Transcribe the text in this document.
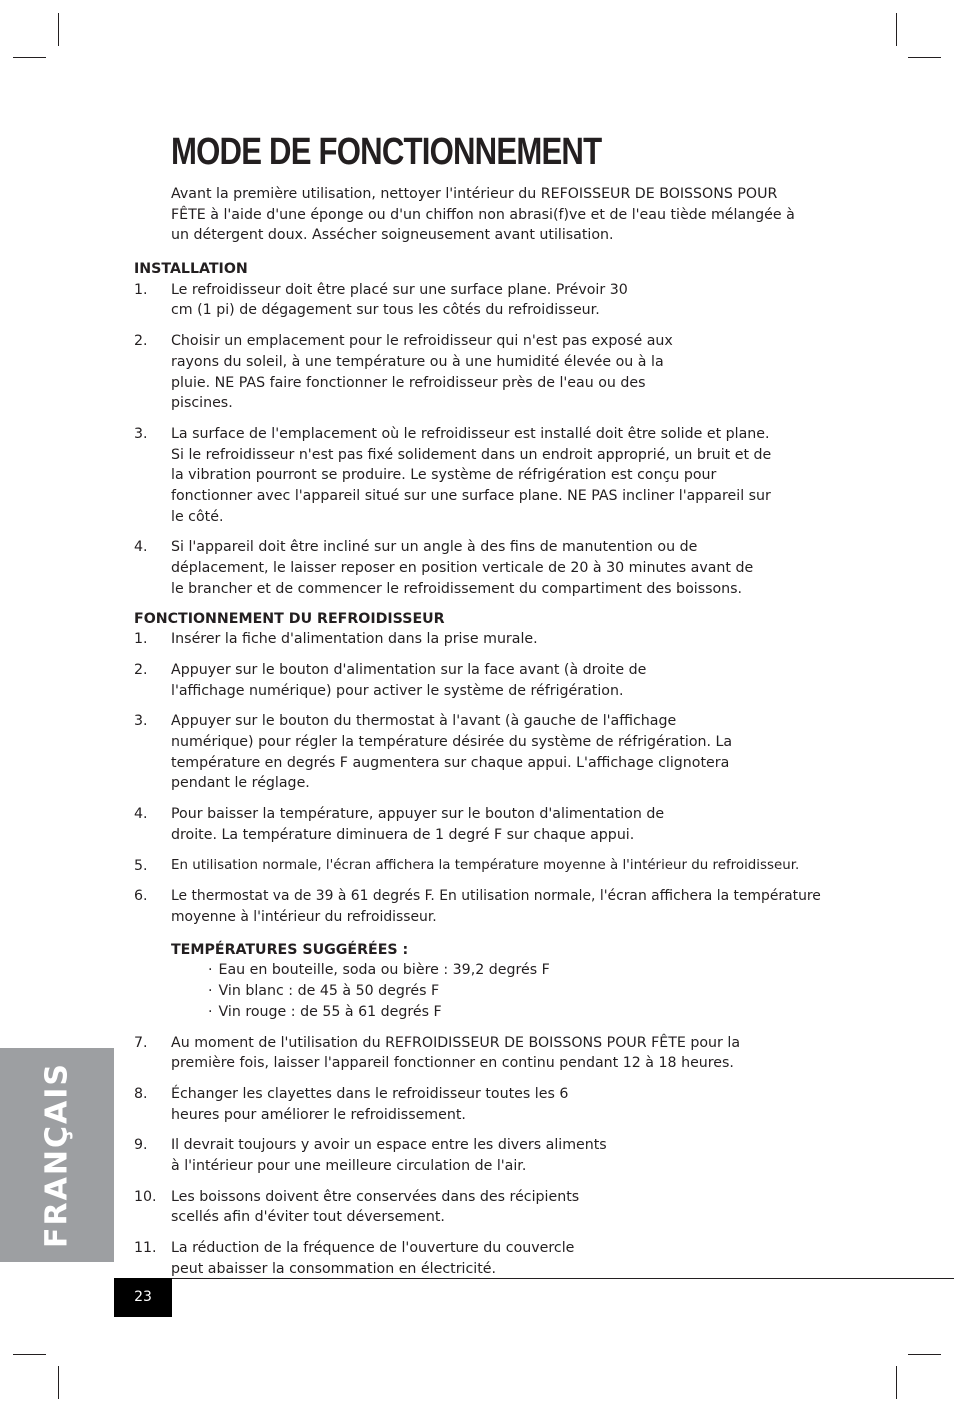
MODE DE FONCTIONNEMENT

Avant la première utilisation, nettoyer l'intérieur du REFOISSEUR DE BOISSONS POUR FÊTE à l'aide d'une éponge ou d'un chiffon non abrasi(f)ve et de l'eau tiède mélangée à un détergent doux. Assécher soigneusement avant utilisation.

INSTALLATION

1.	Le refroidisseur doit être placé sur une surface plane. Prévoir 30 cm (1 pi) de dégagement sur tous les côtés du refroidisseur.
2.	Choisir un emplacement pour le refroidisseur qui n'est pas exposé aux rayons du soleil, à une température ou à une humidité élevée ou à la pluie. NE PAS faire fonctionner le refroidisseur près de l'eau ou des piscines.
3.	La surface de l'emplacement où le refroidisseur est installé doit être solide et plane. Si le refroidisseur n'est pas fixé solidement dans un endroit approprié, un bruit et de la vibration pourront se produire. Le système de réfrigération est conçu pour fonctionner avec l'appareil situé sur une surface plane. NE PAS incliner l'appareil sur le côté.
4.	Si l'appareil doit être incliné sur un angle à des fins de manutention ou de déplacement, le laisser reposer en position verticale de 20 à 30 minutes avant de le brancher et de commencer le refroidissement du compartiment des boissons.

FONCTIONNEMENT DU REFROIDISSEUR

1.	Insérer la fiche d'alimentation dans la prise murale.
2.	Appuyer sur le bouton d'alimentation sur la face avant (à droite de l'affichage numérique) pour activer le système de réfrigération.
3.	Appuyer sur le bouton du thermostat à l'avant (à gauche de l'affichage numérique) pour régler la température désirée du système de réfrigération. La température en degrés F augmentera sur chaque appui. L'affichage clignotera pendant le réglage.
4.	Pour baisser la température, appuyer sur le bouton d'alimentation de droite. La température diminuera de 1 degré F sur chaque appui.
5.	En utilisation normale, l'écran affichera la température moyenne à l'intérieur du refroidisseur.
6.	Le thermostat va de 39 à 61 degrés F. En utilisation normale, l'écran affichera la température moyenne à l'intérieur du refroidisseur.

TEMPÉRATURES SUGGÉRÉES :

· Eau en bouteille, soda ou bière : 39,2 degrés F
· Vin blanc : de 45 à 50 degrés F
· Vin rouge : de 55 à 61 degrés F
7.	Au moment de l'utilisation du REFROIDISSEUR DE BOISSONS POUR FÊTE pour la première fois, laisser l'appareil fonctionner en continu pendant 12 à 18 heures.
8.	Échanger les clayettes dans le refroidisseur toutes les 6 heures pour améliorer le refroidissement.
9.	Il devrait toujours y avoir un espace entre les divers aliments à l'intérieur pour une meilleure circulation de l'air.
10.	Les boissons doivent être conservées dans des récipients scellés afin d'éviter tout déversement.
11.	La réduction de la fréquence de l'ouverture du couvercle peut abaisser la consommation en électricité.
FRANÇAIS
23
